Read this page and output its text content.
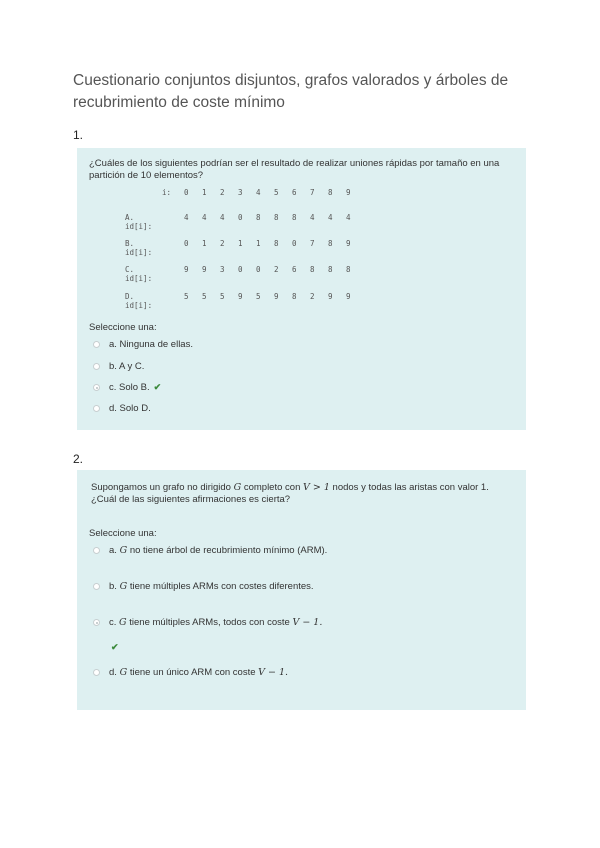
Cuestionario conjuntos disjuntos, grafos valorados y árboles de recubrimiento de coste mínimo
1.
¿Cuáles de los siguientes podrían ser el resultado de realizar uniones rápidas por tamaño en una partición de 10 elementos?
i: 0 1 2 3 4 5 6 7 8 9
A. id[i]:
4 4 4 0 8 8 8 4 4 4
B. id[i]:
0 1 2 1 1 8 0 7 8 9
C. id[i]:
9 9 3 0 0 2 6 8 8 8
D. id[i]:
5 5 5 9 5 9 8 2 9 9
Seleccione una:
a. Ninguna de ellas.
b. A y C.
c. Solo B. ✔
d. Solo D.
2.
Supongamos un grafo no dirigido G completo con V > 1 nodos y todas las aristas con valor 1. ¿Cuál de las siguientes afirmaciones es cierta?
Seleccione una:
a.
G
no tiene árbol de recubrimiento mínimo (ARM).
b.
G
tiene múltiples ARMs con costes diferentes.
c.
G
tiene múltiples ARMs, todos con coste
V − 1.
✔
d.
G
tiene un único ARM con coste
V − 1.
